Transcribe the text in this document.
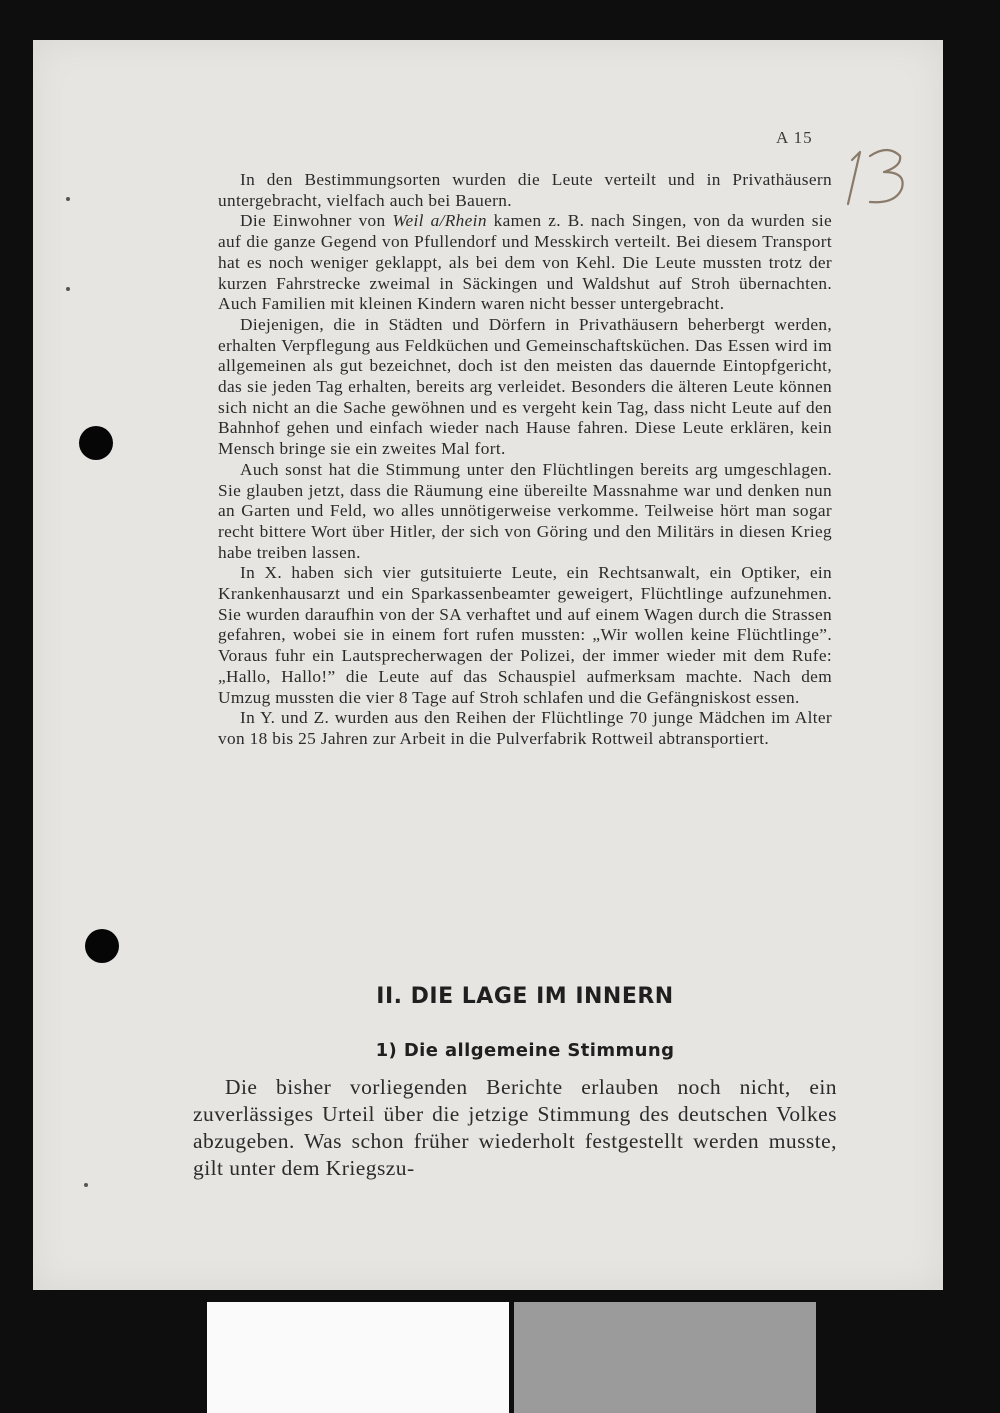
A 15

In den Bestimmungsorten wurden die Leute verteilt und in Privathäusern untergebracht, vielfach auch bei Bauern.

Die Einwohner von Weil a/Rhein kamen z. B. nach Singen, von da wurden sie auf die ganze Gegend von Pfullendorf und Messkirch verteilt. Bei diesem Transport hat es noch weniger geklappt, als bei dem von Kehl. Die Leute mussten trotz der kurzen Fahrstrecke zweimal in Säckingen und Waldshut auf Stroh übernachten. Auch Familien mit kleinen Kindern waren nicht besser untergebracht.

Diejenigen, die in Städten und Dörfern in Privathäusern beherbergt werden, erhalten Verpflegung aus Feldküchen und Gemeinschaftsküchen. Das Essen wird im allgemeinen als gut bezeichnet, doch ist den meisten das dauernde Eintopfgericht, das sie jeden Tag erhalten, bereits arg verleidet. Besonders die älteren Leute können sich nicht an die Sache gewöhnen und es vergeht kein Tag, dass nicht Leute auf den Bahnhof gehen und einfach wieder nach Hause fahren. Diese Leute erklären, kein Mensch bringe sie ein zweites Mal fort.

Auch sonst hat die Stimmung unter den Flüchtlingen bereits arg umgeschlagen. Sie glauben jetzt, dass die Räumung eine übereilte Massnahme war und denken nun an Garten und Feld, wo alles unnötigerweise verkomme. Teilweise hört man sogar recht bittere Wort über Hitler, der sich von Göring und den Militärs in diesen Krieg habe treiben lassen.

In X. haben sich vier gutsituierte Leute, ein Rechtsanwalt, ein Optiker, ein Krankenhausarzt und ein Sparkassenbeamter geweigert, Flüchtlinge aufzunehmen. Sie wurden daraufhin von der SA verhaftet und auf einem Wagen durch die Strassen gefahren, wobei sie in einem fort rufen mussten: „Wir wollen keine Flüchtlinge”. Voraus fuhr ein Lautsprecherwagen der Polizei, der immer wieder mit dem Rufe: „Hallo, Hallo!” die Leute auf das Schauspiel aufmerksam machte. Nach dem Umzug mussten die vier 8 Tage auf Stroh schlafen und die Gefängniskost essen.

In Y. und Z. wurden aus den Reihen der Flüchtlinge 70 junge Mädchen im Alter von 18 bis 25 Jahren zur Arbeit in die Pulverfabrik Rottweil abtransportiert.

II. DIE LAGE IM INNERN
1) Die allgemeine Stimmung

Die bisher vorliegenden Berichte erlauben noch nicht, ein zuverlässiges Urteil über die jetzige Stimmung des deutschen Volkes abzugeben. Was schon früher wiederholt festgestellt werden musste, gilt unter dem Kriegszu-
